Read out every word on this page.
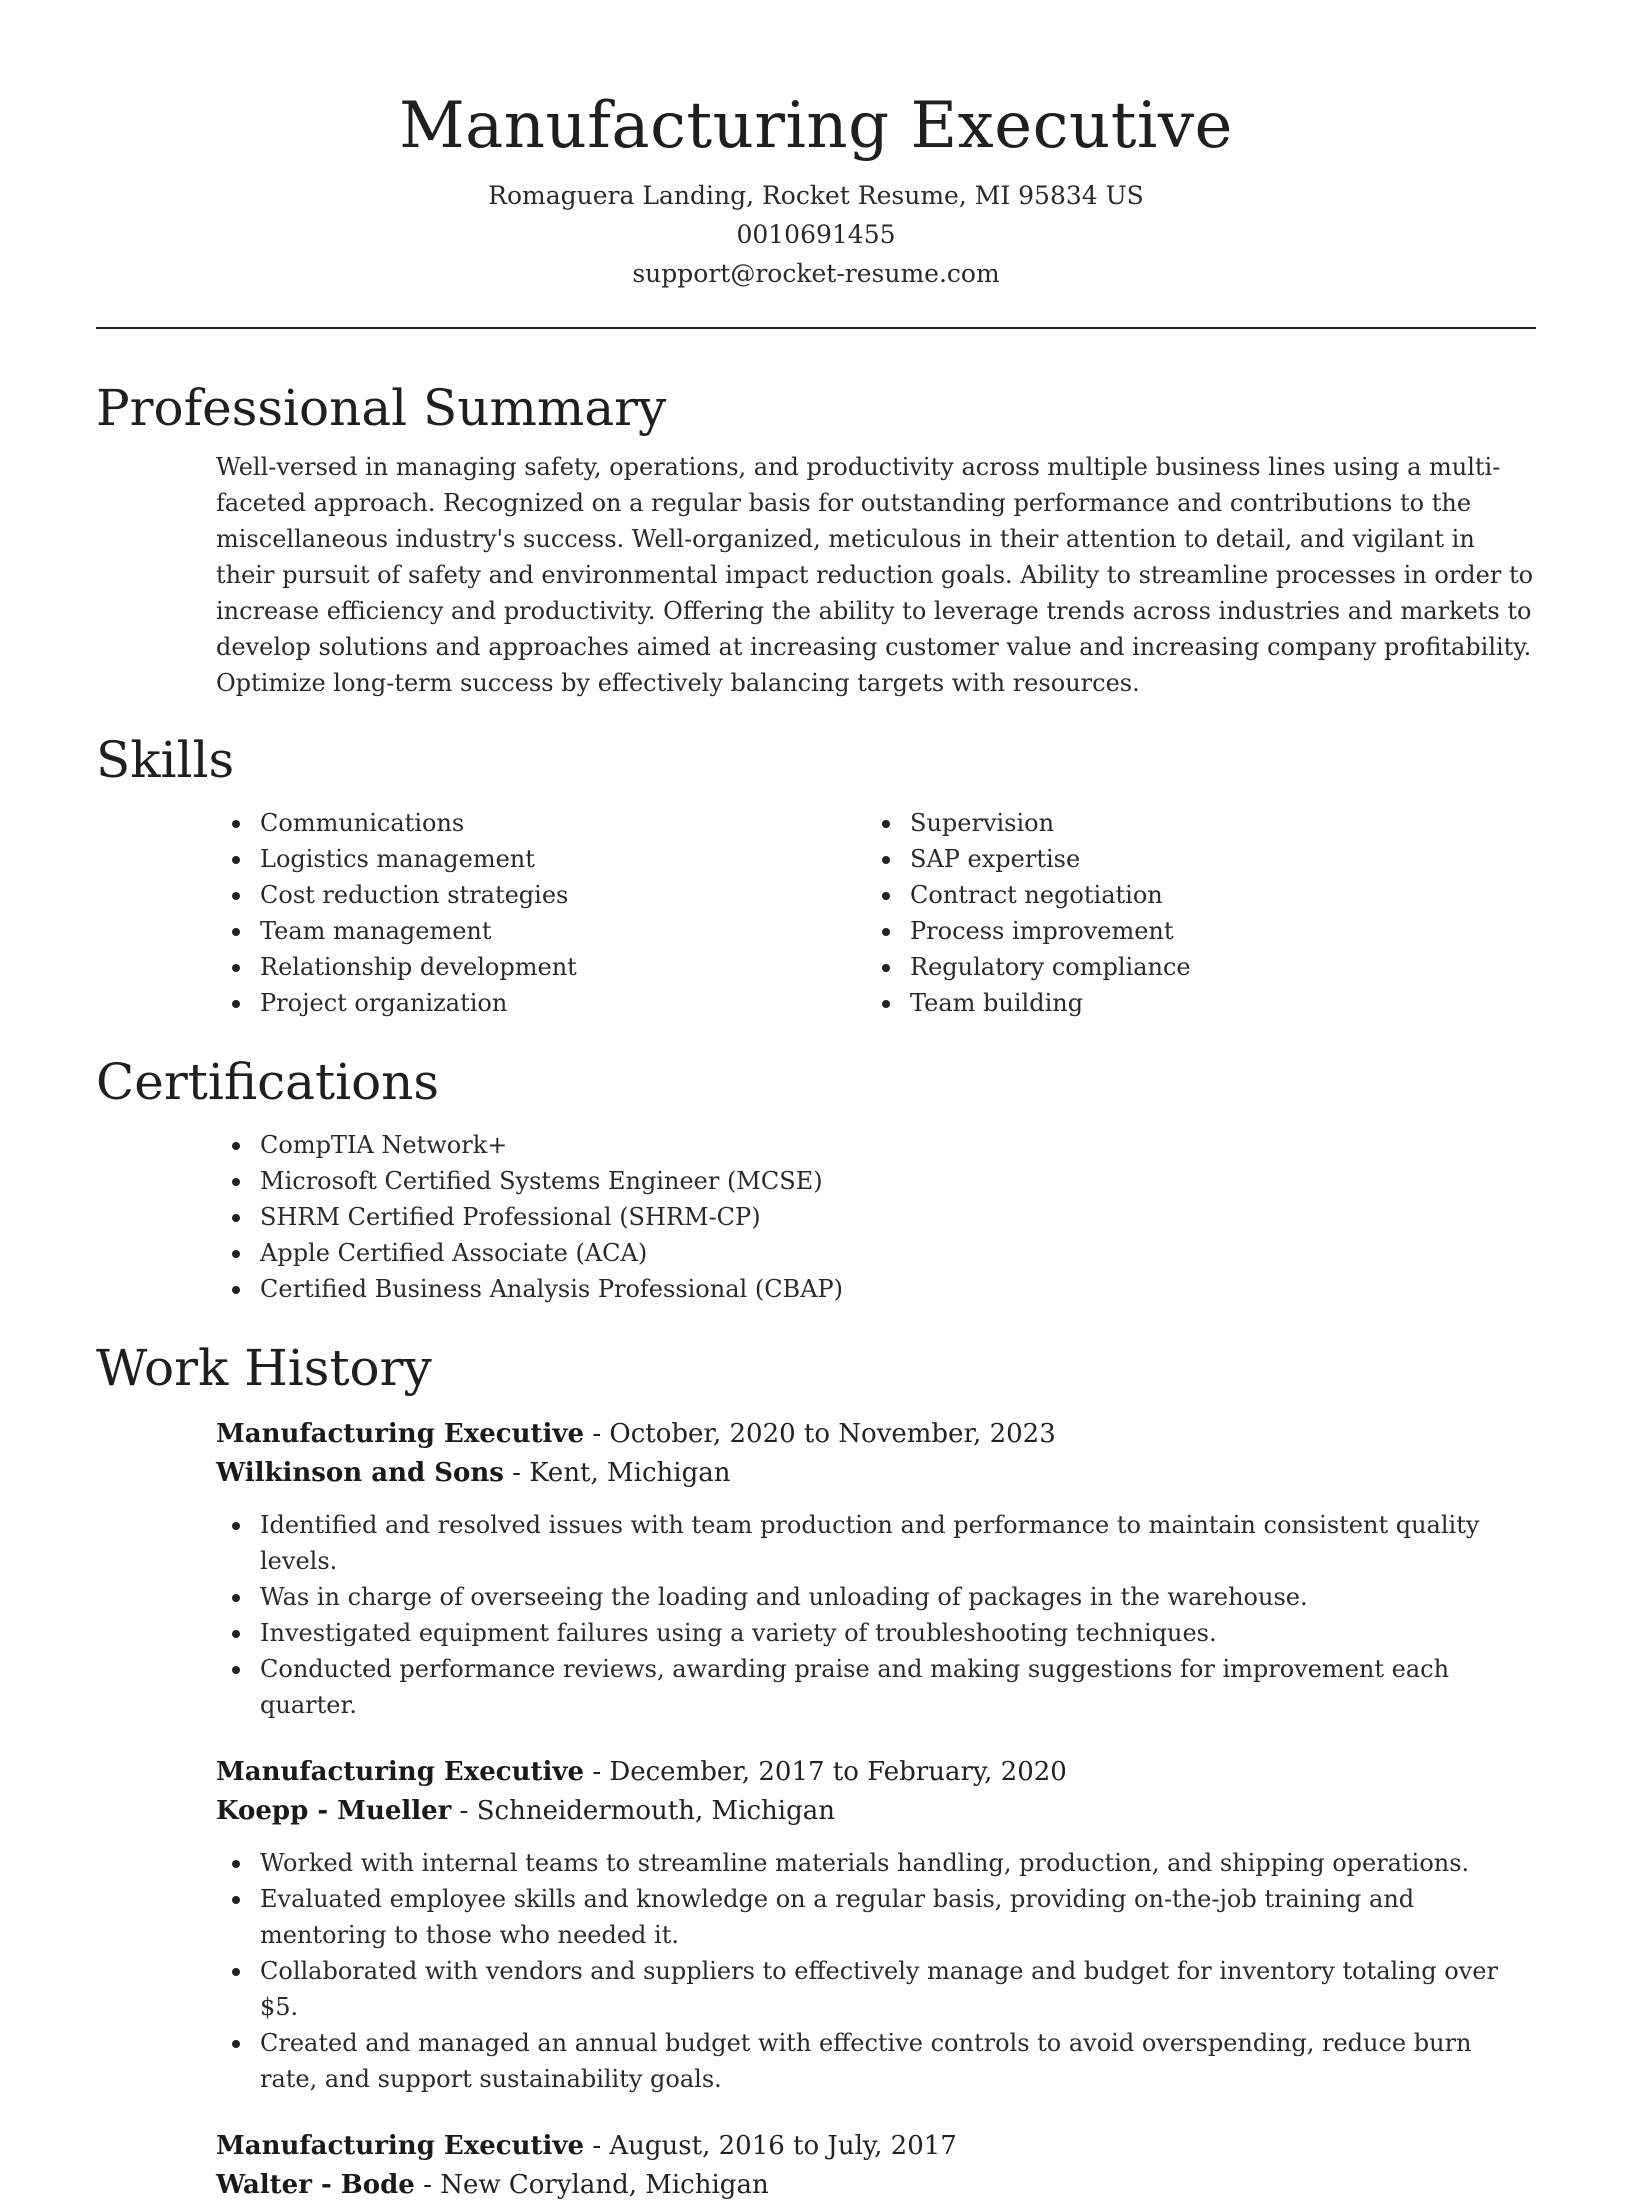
Manufacturing Executive
Romaguera Landing, Rocket Resume, MI 95834 US
0010691455
support@rocket-resume.com
Professional Summary

Well-versed in managing safety, operations, and productivity across multiple business lines using a multi-faceted approach. Recognized on a regular basis for outstanding performance and contributions to the miscellaneous industry's success. Well-organized, meticulous in their attention to detail, and vigilant in their pursuit of safety and environmental impact reduction goals. Ability to streamline processes in order to increase efficiency and productivity. Offering the ability to leverage trends across industries and markets to develop solutions and approaches aimed at increasing customer value and increasing company profitability. Optimize long-term success by effectively balancing targets with resources.

Skills
Communications
Logistics management
Cost reduction strategies
Team management
Relationship development
Project organization
Supervision
SAP expertise
Contract negotiation
Process improvement
Regulatory compliance
Team building
Certifications
CompTIA Network+
Microsoft Certified Systems Engineer (MCSE)
SHRM Certified Professional (SHRM-CP)
Apple Certified Associate (ACA)
Certified Business Analysis Professional (CBAP)
Work History
Manufacturing Executive - October, 2020 to November, 2023
Wilkinson and Sons - Kent, Michigan
Identified and resolved issues with team production and performance to maintain consistent quality levels.
Was in charge of overseeing the loading and unloading of packages in the warehouse.
Investigated equipment failures using a variety of troubleshooting techniques.
Conducted performance reviews, awarding praise and making suggestions for improvement each quarter.
Manufacturing Executive - December, 2017 to February, 2020
Koepp - Mueller - Schneidermouth, Michigan
Worked with internal teams to streamline materials handling, production, and shipping operations.
Evaluated employee skills and knowledge on a regular basis, providing on-the-job training and mentoring to those who needed it.
Collaborated with vendors and suppliers to effectively manage and budget for inventory totaling over $5.
Created and managed an annual budget with effective controls to avoid overspending, reduce burn rate, and support sustainability goals.
Manufacturing Executive - August, 2016 to July, 2017
Walter - Bode - New Coryland, Michigan
